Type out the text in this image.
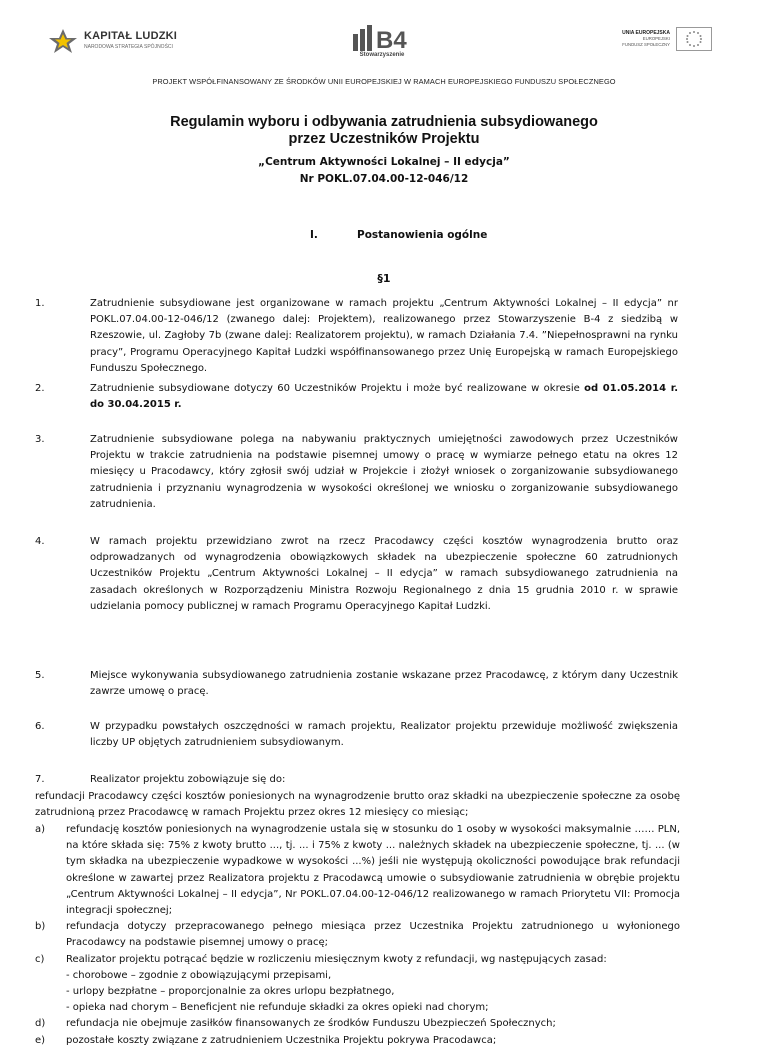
KAPITAŁ LUDZKI
NARODOWA STRATEGIA SPÓJNOŚCI	B4
Stowarzyszenie
UNIA EUROPEJSKA
EUROPEJSKI
FUNDUSZ SPOŁECZNY
PROJEKT WSPÓŁFINANSOWANY ZE ŚRODKÓW UNII EUROPEJSKIEJ W RAMACH EUROPEJSKIEGO FUNDUSZU SPOŁECZNEGO

Regulamin wyboru i odbywania zatrudnienia subsydiowanego

przez Uczestników Projektu

„Centrum Aktywności Lokalnej – II edycja”
Nr POKL.07.04.00-12-046/12
I.	Postanowienia ogólne
§1
1.	Zatrudnienie subsydiowane jest organizowane w ramach projektu „Centrum Aktywności Lokalnej – II edycja” nr POKL.07.04.00-12-046/12 (zwanego dalej: Projektem), realizowanego przez Stowarzyszenie B-4 z siedzibą w Rzeszowie, ul. Zagłoby 7b (zwane dalej: Realizatorem projektu), w ramach Działania 7.4. ”Niepełnosprawni na rynku pracy”, Programu Operacyjnego Kapitał Ludzki współfinansowanego przez Unię Europejską w ramach Europejskiego Funduszu Społecznego.

2.	Zatrudnienie subsydiowane dotyczy 60 Uczestników Projektu i może być realizowane w okresie od 01.05.2014 r. do 30.04.2015 r.

3.	Zatrudnienie subsydiowane polega na nabywaniu praktycznych umiejętności zawodowych przez Uczestników Projektu w trakcie zatrudnienia na podstawie pisemnej umowy o pracę w wymiarze pełnego etatu na okres 12 miesięcy u Pracodawcy, który zgłosił swój udział w Projekcie i złożył wniosek o zorganizowanie subsydiowanego zatrudnienia i przyznaniu wynagrodzenia w wysokości określonej we wniosku o zorganizowanie subsydiowanego zatrudnienia.

4.	W ramach projektu przewidziano zwrot na rzecz Pracodawcy części kosztów wynagrodzenia brutto oraz odprowadzanych od wynagrodzenia obowiązkowych składek na ubezpieczenie społeczne 60 zatrudnionych Uczestników Projektu „Centrum Aktywności Lokalnej – II edycja” w ramach subsydiowanego zatrudnienia na zasadach określonych w Rozporządzeniu Ministra Rozwoju Regionalnego z dnia 15 grudnia 2010 r. w sprawie udzielania pomocy publicznej w ramach Programu Operacyjnego Kapitał Ludzki.

5.	Miejsce wykonywania subsydiowanego zatrudnienia zostanie wskazane przez Pracodawcę, z którym dany Uczestnik zawrze umowę o pracę.

6.	W przypadku powstałych oszczędności w ramach projektu, Realizator projektu przewiduje możliwość zwiększenia liczby UP objętych zatrudnieniem subsydiowanym.

7.	Realizator projektu zobowiązuje się do:

refundacji Pracodawcy części kosztów poniesionych na wynagrodzenie brutto oraz składki na ubezpieczenie społeczne za osobę zatrudnioną przez Pracodawcę w ramach Projektu przez okres 12 miesięcy co miesiąc;
a) refundację kosztów poniesionych na wynagrodzenie ustala się w stosunku do 1 osoby w wysokości maksymalnie …… PLN, na które składa się: 75% z kwoty brutto ..., tj. ... i 75% z kwoty ... należnych składek na ubezpieczenie społeczne, tj. ... (w tym składka na ubezpieczenie wypadkowe w wysokości ...%) jeśli nie występują okoliczności powodujące brak refundacji określone w zawartej przez Realizatora projektu z Pracodawcą umowie o subsydiowanie zatrudnienia w obrębie projektu „Centrum Aktywności Lokalnej – II edycja”, Nr POKL.07.04.00-12-046/12 realizowanego w ramach Priorytetu VII: Promocja integracji społecznej;
b) refundacja dotyczy przepracowanego pełnego miesiąca przez Uczestnika Projektu zatrudnionego u wyłonionego Pracodawcy na podstawie pisemnej umowy o pracę;
c) Realizator projektu potrącać będzie w rozliczeniu miesięcznym kwoty z refundacji, wg następujących zasad:
- chorobowe – zgodnie z obowiązującymi przepisami,
- urlopy bezpłatne – proporcjonalnie za okres urlopu bezpłatnego,
- opieka nad chorym – Beneficjent nie refunduje składki za okres opieki nad chorym;
d) refundacja nie obejmuje zasiłków finansowanych ze środków Funduszu Ubezpieczeń Społecznych;
e) pozostałe koszty związane z zatrudnieniem Uczestnika Projektu pokrywa Pracodawca;
